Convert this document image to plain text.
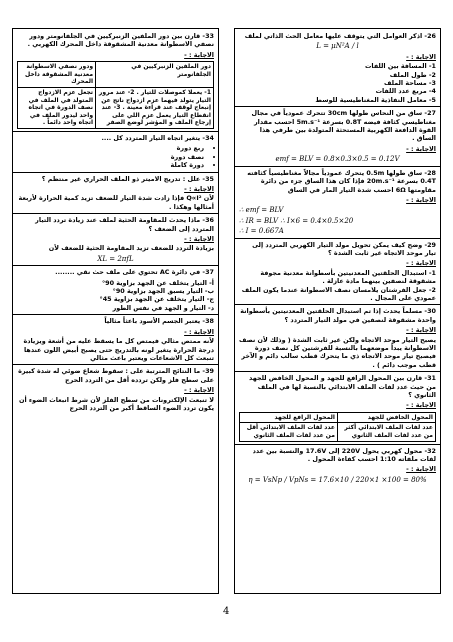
26- اذكر العوامل التي يتوقف عليها معامل الحث الذاتي لملف
L = μN²A / l
الاجابة : -
1- المسافة بين اللفات
2- طول الملف
3- مساحة الملف
4- مربع عدد اللفات
5- معامل النفاذية المغناطيسية للوسط
27- ساق من النحاس طولها 30cm تتحرك عمودياً في مجال مغناطيسي كثافة فيضه 0.8T بسرعة 5m.s⁻¹ احسب مقدار القوة الدافعة الكهربية المستحثة المتولدة بين طرفي هذا الساق .
الاجابة : -
emf = BLV = 0.8×0.3×0.5 = 0.12V
28- ساق طولها 0.5m يتحرك عمودياً مجالاً مغناطيسياً كثافته 0.4T بسرعة 20m.s⁻¹ فإذا كان هذا الساق جزء من دائرة مقاومتها 6Ω احسب شدة التيار المار في الساق
الاجابة : -
∴ emf = BLV
∴ IR = BLV ∴ I×6 = 0.4×0.5×20
∴ I = 0.667A
29- وضح كيف يمكن تحويل مولد التيار الكهربي المتردد إلى تيار موحد الاتجاه غير ثابت الشدة ؟
الاجابة : -
1- استبدال الحلقتين المعدنيتين بأسطوانة معدنية مجوفة مشقوقة لنصفين بينهما مادة عازلة .
2- جعل الفرشتان يلامسان نصف الاسطوانة عندما يكون الملف عمودي على المجال .
30- مسلماً يحدث إذا تم استبدال الحلقتين المعدنيتين بأسطوانة واحدة مشقوقة لنصفين في مولد التيار المتردد ؟
الاجابة : -
يصبح التيار موحد الاتجاه ولكن غير ثابت الشدة ( وذلك لأن نصف الاسطوانة يبدأ موضعهما بالنسبة للفرشتين كل نصف دورة فيصبح تيار موحد الاتجاه ذي ما يتحرك قطب سالب دائم و الآخر قطب موجب دائم ) .
31- قارن بين المحول الرافع للجهد و المحول الخافض للجهد من حيث عدد لفات الملف الابتدائي بالنسبة لها في الملف الثانوي ؟
الاجابة : -
المحول الخافض للجهد	المحول الرافع للجهد
عدد لفات الملف الابتدائي أكثر من عدد لفات الملف الثانوي	عدد لفات الملف الابتدائي أقل من عدد لفات الملف الثانوي
32- محول كهربي يحول 220V إلى 17.6V والنسبة بين عدد لفات ملفاته 1:10 احسب كفاءة المحول .
الاجابة : -
η = VsNp / VpNs = 17.6×10 / 220×1 ×100 = 80%
33- قارن بين دور الملفين الزنبركيين في الجلفانومتر ودور نصفي الاسطوانة معدنية المشقوقة داخل المحرك الكهربي .
الاجابة : -
دور الملفين الزنبركيين في الجلفانومتر	ودور نصفي الاسطوانة معدنية المشقوقة داخل المحرك
1- يعملا كموصلات للتيار . 2- عند مرور التيار يتولد فيهما عزم ازدواج ناتج عن إنبعاج لوقف عند قراءة معينة . 3- عند انقطاع التيار يعمل عزم اللي على إرجاع الملف و المؤشر لوضع الصفر	تجعل عزم الازدواج المتولد في الملف في نصف الدورة في اتجاه واحد ليدور الملف في اتجاه واحد دائماً .
34- يتغير اتجاه التيار المتردد كل ....
• ربع دورة
• نصف دورة
• دورة كاملة
35- علل : تدريج الاميتر ذو الملف الحراري غير منتظم ؟
الاجابة : -
لأن Q∝I² فإذا زادت شدة التيار للضعف تزيد كمية الحرارة لأربعة أمثالها وهكذا .
36- ماذا يحدث للمقاومة الحثية لملف عند زيادة تردد التيار المتردد إلى الضعف ؟
الاجابة : -
بزيادة التردد للضعف تزيد المقاومة الحثية للضعف لأن
XL = 2πfL
37- في دائرة AC تحتوي على ملف حث نقي ........
أ- التيار يتخلف عن الجهد بزاوية 90°
ب- التيار يسبق الجهد بزاوية 90°
ج- التيار يتخلف عن الجهد بزاوية 45°
د- التيار و الجهد في نفس الطور
38- يعتبر الجسم الأسود باعثاً مثالياً
الاجابة : -
لأنه ممتص مثالي فيمتص كل ما يسقط عليه من أشعة ويزيادة درجة الحرارة يتغير لونه بالتدريج حتى يصبح أبيض اللون عندها تنبعث كل الاشعاعات ويعتبر باعث مثالي
39- ما النتائج المترتبة على : سقوط شعاع ضوئي له شدة كبيرة على سطح فلز ولكن تردده أقل من التردد الحرج
الاجابة : -
لا تنبعث الإلكترونات من سطح الفلز لأن شرط انبعاث الضوء أن يكون تردد الضوء الساقط أكبر من التردد الحرج
4
